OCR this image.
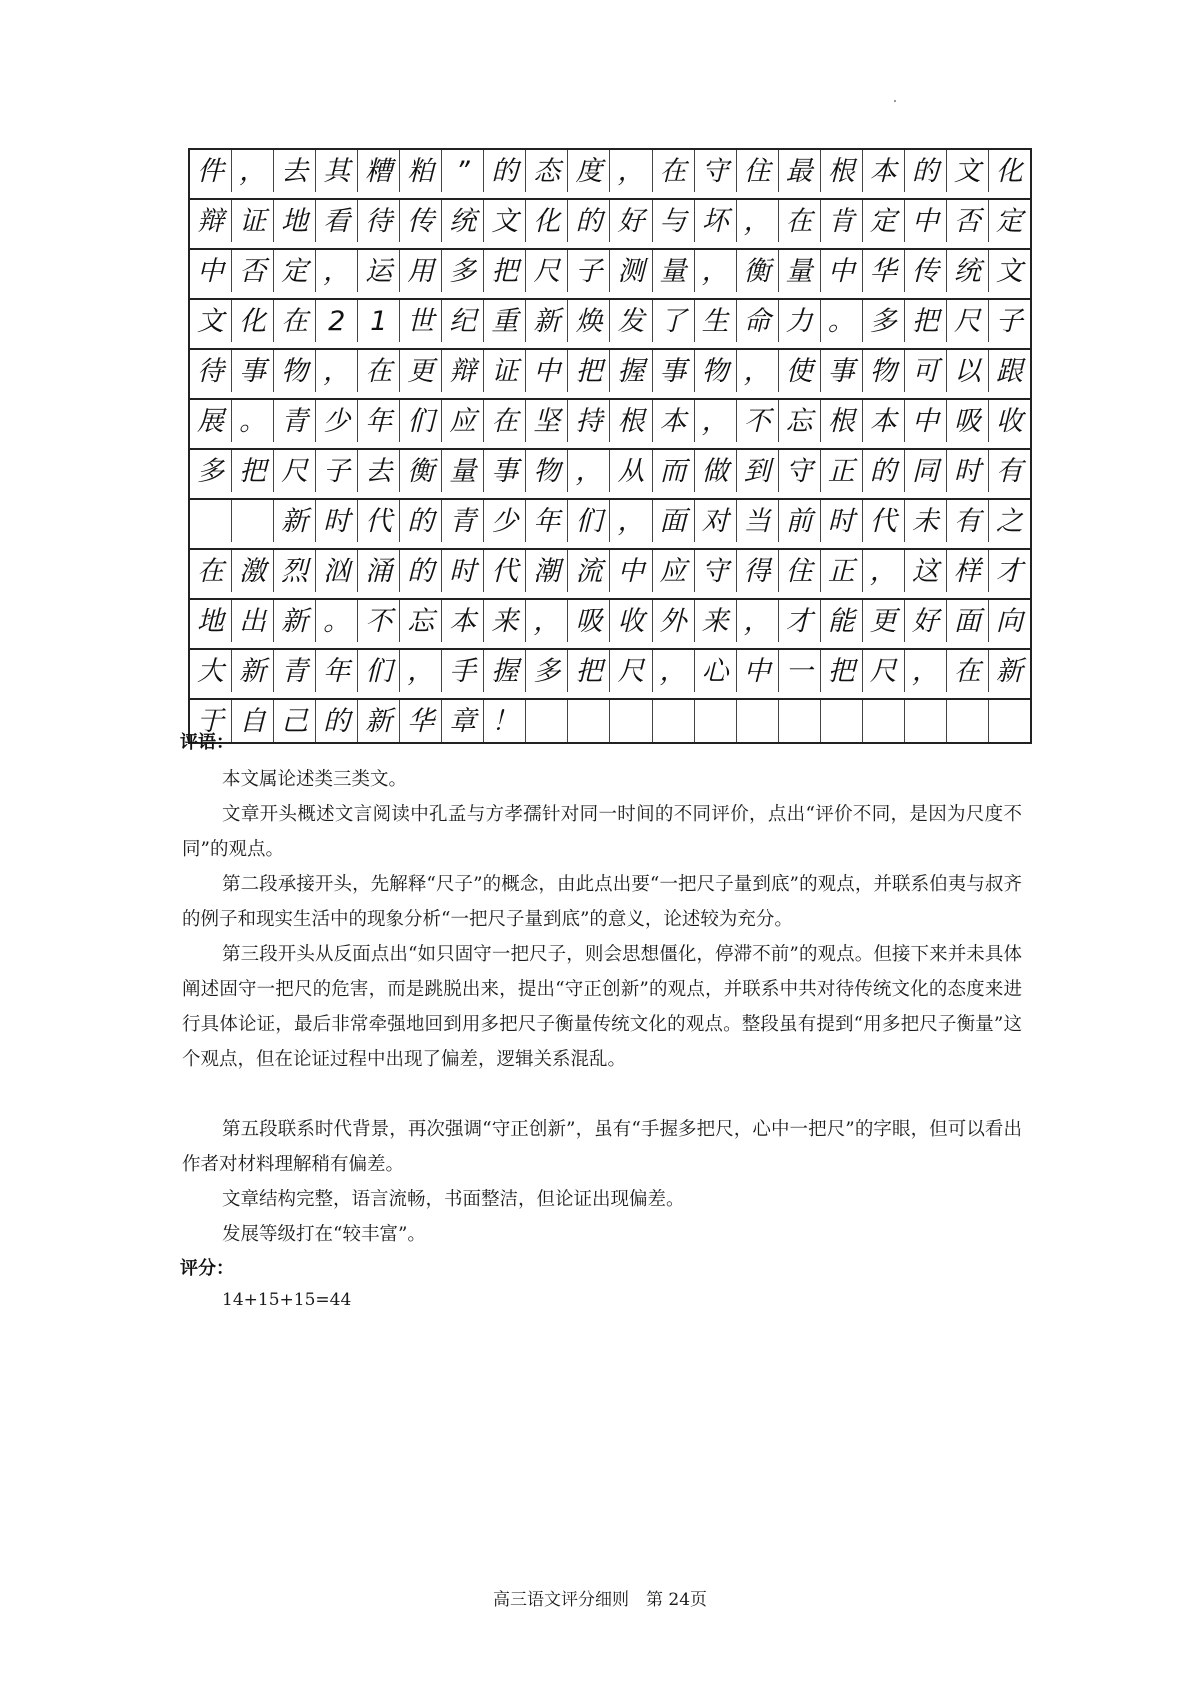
件 ， 去 其 糟 粕 ” 的 态 度 ， 在 守 住 最 根 本 的 文 化
辩 证 地 看 待 传 统 文 化 的 好 与 坏 ， 在 肯 定 中 否 定
中 否 定 ， 运 用 多 把 尺 子 测 量 ， 衡 量 中 华 传 统 文
文 化 在 2 1 世 纪 重 新 焕 发 了 生 命 力 。 多 把 尺 子
待 事 物 ， 在 更 辩 证 中 把 握 事 物 ， 使 事 物 可 以 跟
展 。 青 少 年 们 应 在 坚 持 根 本 ， 不 忘 根 本 中 吸 收
多 把 尺 子 去 衡 量 事 物 ， 从 而 做 到 守 正 的 同 时 有
新 时 代 的 青 少 年 们 ， 面 对 当 前 时 代 未 有 之
在 激 烈 汹 涌 的 时 代 潮 流 中 应 守 得 住 正 ， 这 样 才
地 出 新 。 不 忘 本 来 ， 吸 收 外 来 ， 才 能 更 好 面 向
大 新 青 年 们 ， 手 握 多 把 尺 ， 心 中 一 把 尺 ， 在 新
于 自 己 的 新 华 章 ！
评语：
本文属论述类三类文。
文章开头概述文言阅读中孔孟与方孝孺针对同一时间的不同评价，点出“评价不同，是因为尺度不同”的观点。
第二段承接开头，先解释“尺子”的概念，由此点出要“一把尺子量到底”的观点，并联系伯夷与叔齐的例子和现实生活中的现象分析“一把尺子量到底”的意义，论述较为充分。
第三段开头从反面点出“如只固守一把尺子，则会思想僵化，停滞不前”的观点。但接下来并未具体阐述固守一把尺的危害，而是跳脱出来，提出“守正创新”的观点，并联系中共对待传统文化的态度来进行具体论证，最后非常牵强地回到用多把尺子衡量传统文化的观点。整段虽有提到“用多把尺子衡量”这个观点，但在论证过程中出现了偏差，逻辑关系混乱。
第五段联系时代背景，再次强调“守正创新”，虽有“手握多把尺，心中一把尺”的字眼，但可以看出作者对材料理解稍有偏差。
文章结构完整，语言流畅，书面整洁，但论证出现偏差。
发展等级打在“较丰富”。
评分：
14+15+15=44
高三语文评分细则　第 24页
